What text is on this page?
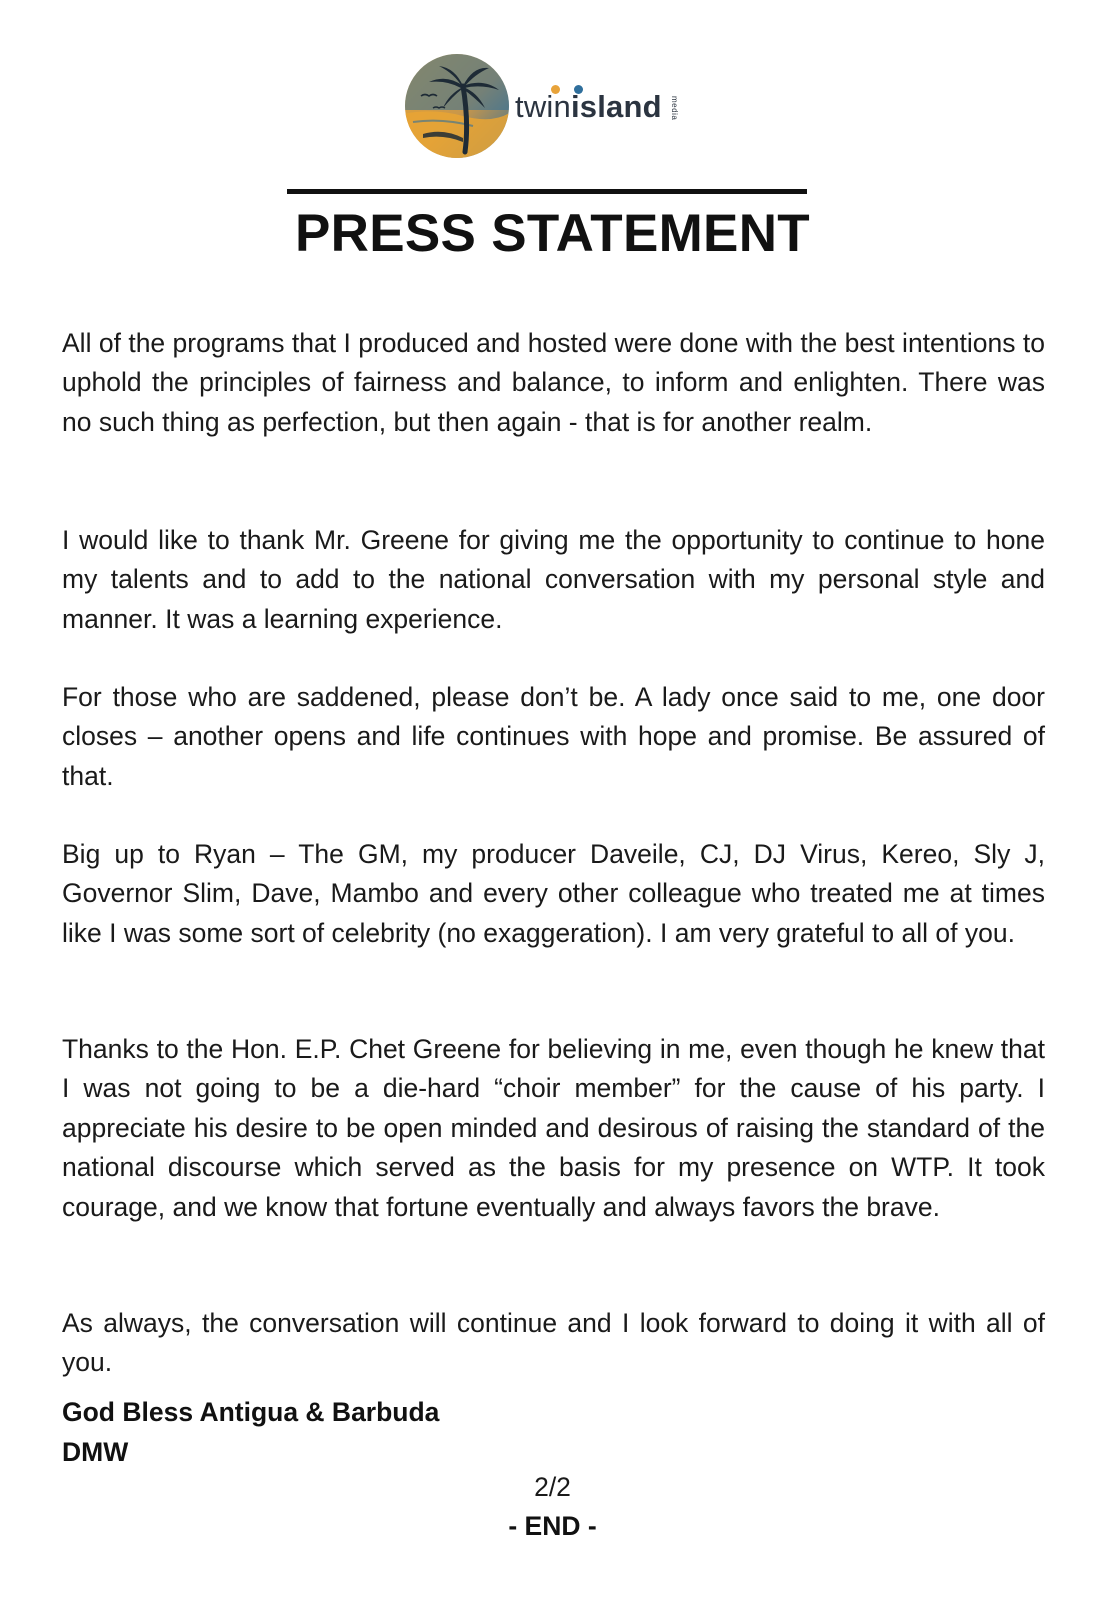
twinisland media
PRESS STATEMENT

All of the programs that I produced and hosted were done with the best intentions to uphold the principles of fairness and balance, to inform and enlighten. There was no such thing as perfection, but then again - that is for another realm.

I would like to thank Mr. Greene for giving me the opportunity to continue to hone my talents and to add to the national conversation with my personal style and manner. It was a learning experience.

For those who are saddened, please don’t be. A lady once said to me, one door closes – another opens and life continues with hope and promise. Be assured of that.

Big up to Ryan – The GM, my producer Daveile, CJ, DJ Virus, Kereo, Sly J, Governor Slim, Dave, Mambo and every other colleague who treated me at times like I was some sort of celebrity (no exaggeration). I am very grateful to all of you.

Thanks to the Hon. E.P. Chet Greene for believing in me, even though he knew that I was not going to be a die-hard “choir member” for the cause of his party. I appreciate his desire to be open minded and desirous of raising the standard of the national discourse which served as the basis for my presence on WTP. It took courage, and we know that fortune eventually and always favors the brave.

As always, the conversation will continue and I look forward to doing it with all of you.

God Bless Antigua & Barbuda
DMW
2/2
- END -
